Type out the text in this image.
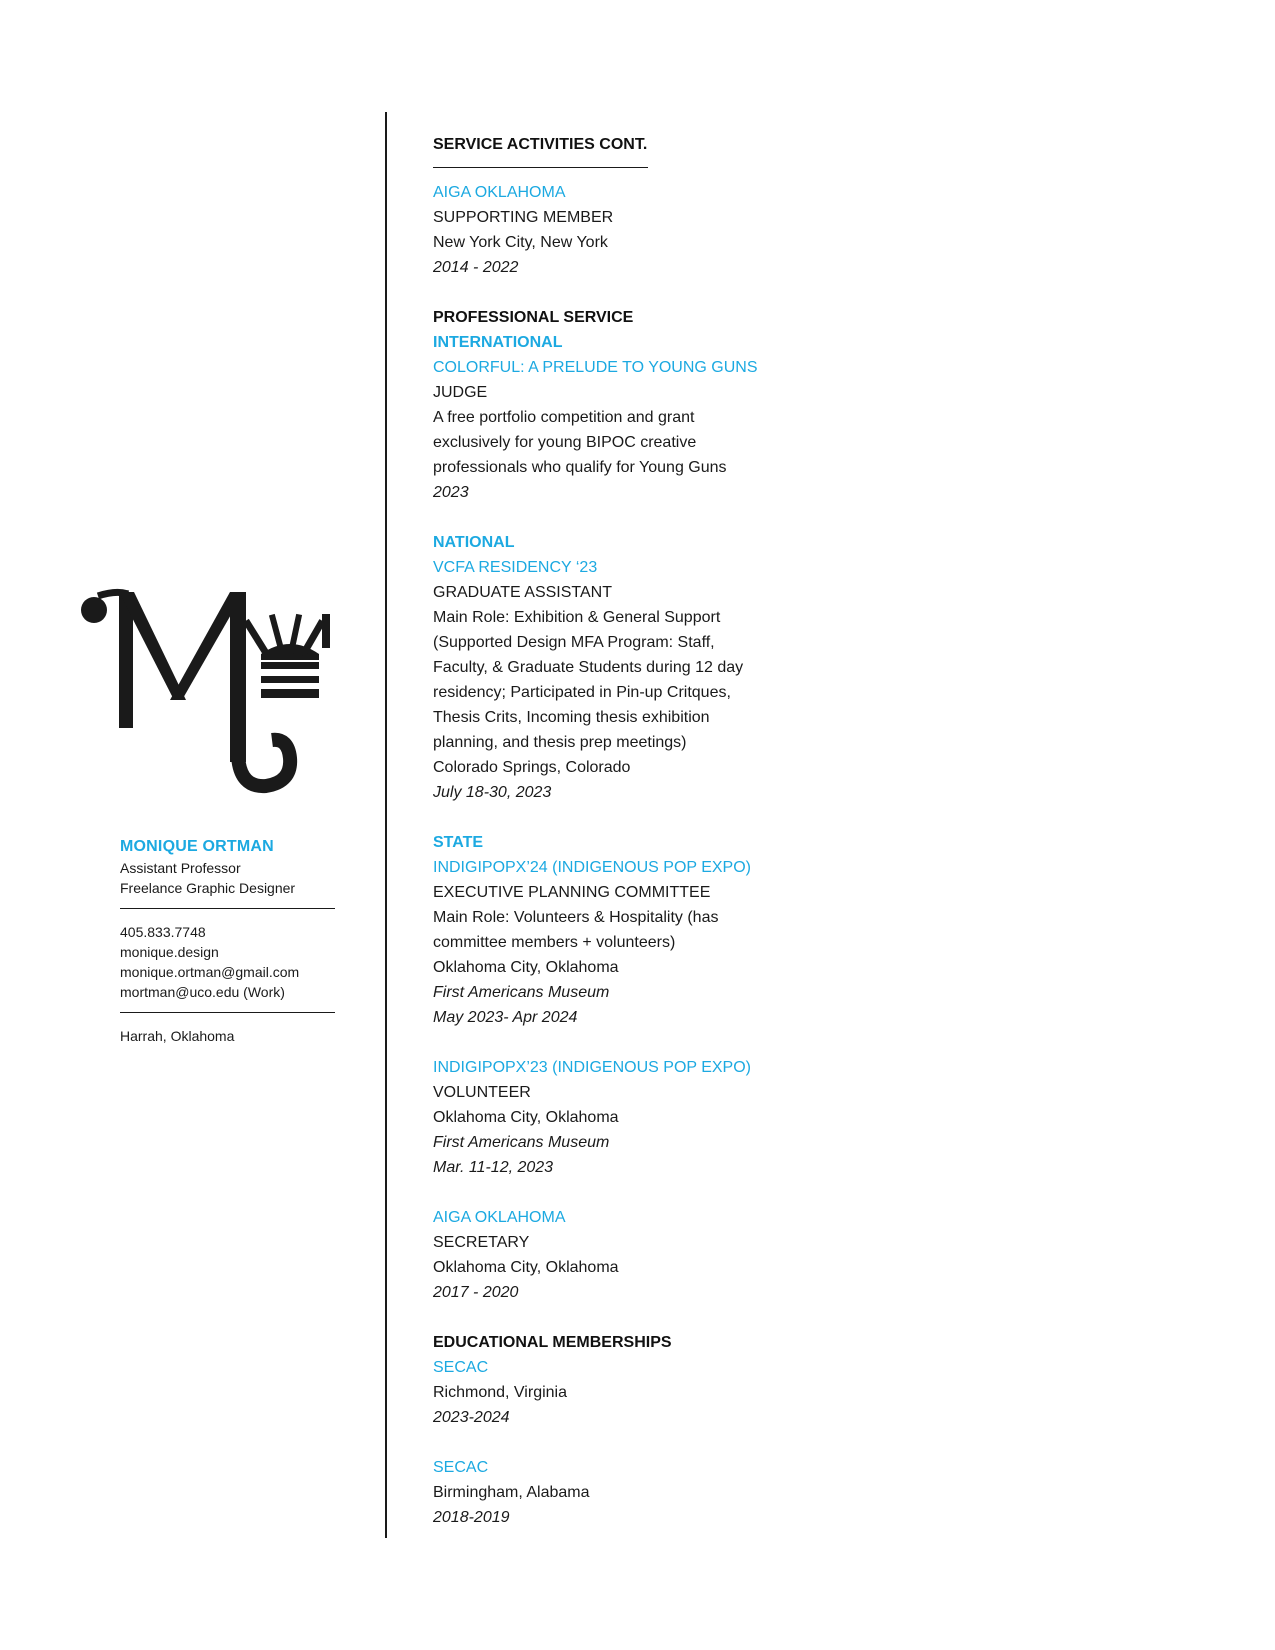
MONIQUE ORTMAN
Assistant Professor
Freelance Graphic Designer
405.833.7748
monique.design
monique.ortman@gmail.com
mortman@uco.edu (Work)
Harrah, Oklahoma
SERVICE ACTIVITIES CONT.
AIGA OKLAHOMA
SUPPORTING MEMBER
New York City, New York
2014 - 2022
PROFESSIONAL SERVICE
INTERNATIONAL
COLORFUL: A PRELUDE TO YOUNG GUNS
JUDGE
A free portfolio competition and grant
exclusively for young BIPOC creative
professionals who qualify for Young Guns
2023
NATIONAL
VCFA RESIDENCY ‘23
GRADUATE ASSISTANT
Main Role: Exhibition & General Support
(Supported Design MFA Program: Staff,
Faculty, & Graduate Students during 12 day
residency; Participated in Pin-up Critques,
Thesis Crits, Incoming thesis exhibition
planning, and thesis prep meetings)
Colorado Springs, Colorado
July 18-30, 2023
STATE
INDIGIPOPX’24 (INDIGENOUS POP EXPO)
EXECUTIVE PLANNING COMMITTEE
Main Role: Volunteers & Hospitality (has
committee members + volunteers)
Oklahoma City, Oklahoma
First Americans Museum
May 2023- Apr 2024
INDIGIPOPX’23 (INDIGENOUS POP EXPO)
VOLUNTEER
Oklahoma City, Oklahoma
First Americans Museum
Mar. 11-12, 2023
AIGA OKLAHOMA
SECRETARY
Oklahoma City, Oklahoma
2017 - 2020
EDUCATIONAL MEMBERSHIPS
SECAC
Richmond, Virginia
2023-2024
SECAC
Birmingham, Alabama
2018-2019
